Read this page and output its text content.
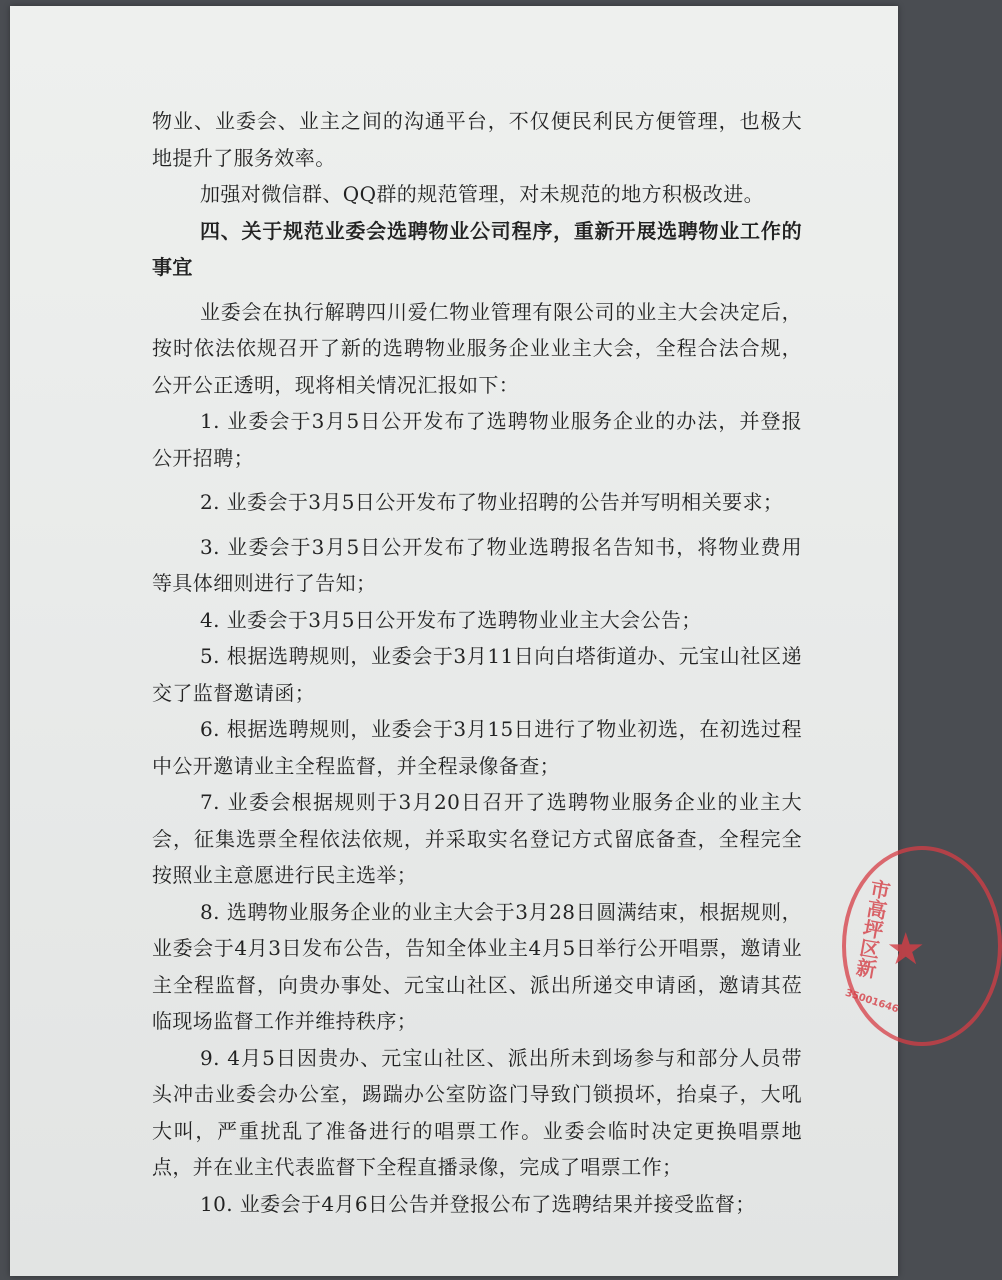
物业、业委会、业主之间的沟通平台，不仅便民利民方便管理，也极大地提升了服务效率。

加强对微信群、QQ群的规范管理，对未规范的地方积极改进。

四、关于规范业委会选聘物业公司程序，重新开展选聘物业工作的事宜

业委会在执行解聘四川爱仁物业管理有限公司的业主大会决定后，按时依法依规召开了新的选聘物业服务企业业主大会，全程合法合规，公开公正透明，现将相关情况汇报如下：

1. 业委会于3月5日公开发布了选聘物业服务企业的办法，并登报公开招聘；

2. 业委会于3月5日公开发布了物业招聘的公告并写明相关要求；

3. 业委会于3月5日公开发布了物业选聘报名告知书，将物业费用等具体细则进行了告知；

4. 业委会于3月5日公开发布了选聘物业业主大会公告；

5. 根据选聘规则，业委会于3月11日向白塔街道办、元宝山社区递交了监督邀请函；

6. 根据选聘规则，业委会于3月15日进行了物业初选，在初选过程中公开邀请业主全程监督，并全程录像备查；

7. 业委会根据规则于3月20日召开了选聘物业服务企业的业主大会，征集选票全程依法依规，并采取实名登记方式留底备查，全程完全按照业主意愿进行民主选举；

8. 选聘物业服务企业的业主大会于3月28日圆满结束，根据规则，业委会于4月3日发布公告，告知全体业主4月5日举行公开唱票，邀请业主全程监督，向贵办事处、元宝山社区、派出所递交申请函，邀请其莅临现场监督工作并维持秩序；

9. 4月5日因贵办、元宝山社区、派出所未到场参与和部分人员带头冲击业委会办公室，踢踹办公室防盗门导致门锁损坏，抬桌子，大吼大叫，严重扰乱了准备进行的唱票工作。业委会临时决定更换唱票地点，并在业主代表监督下全程直播录像，完成了唱票工作；

10. 业委会于4月6日公告并登报公布了选聘结果并接受监督；

市高坪区新
★
35001646
